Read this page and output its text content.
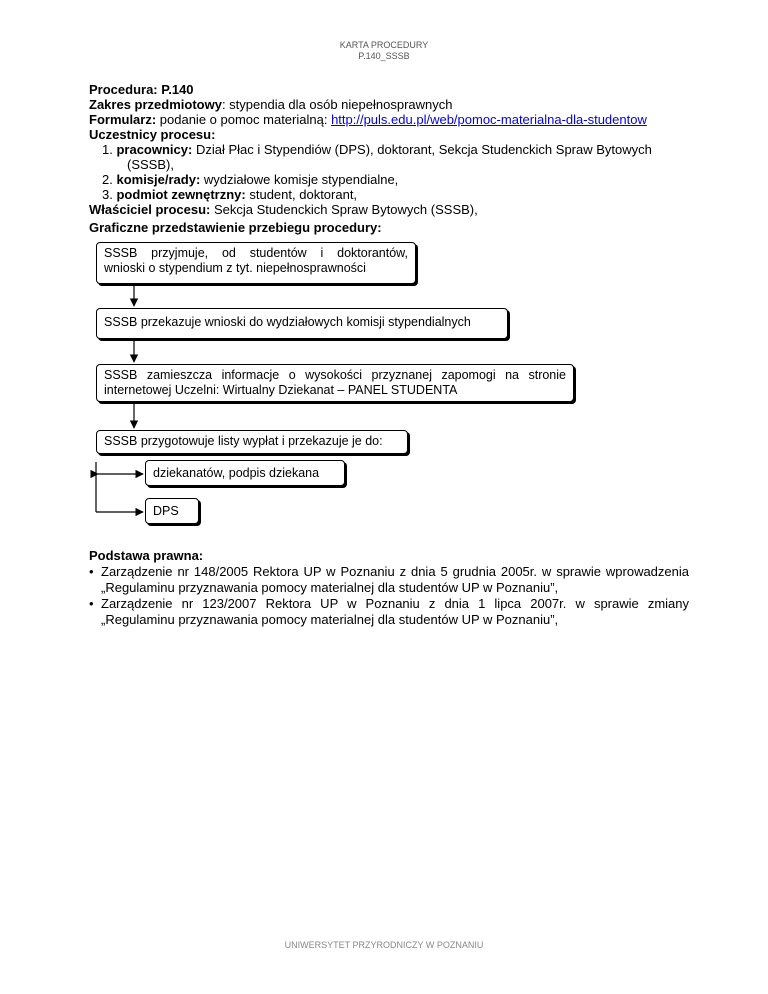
KARTA PROCEDURY
P.140_SSSB

Procedura: P.140

Zakres przedmiotowy: stypendia dla osób niepełnosprawnych

Formularz: podanie o pomoc materialną: http://puls.edu.pl/web/pomoc-materialna-dla-studentow

Uczestnicy procesu:

1. pracownicy: Dział Płac i Stypendiów (DPS), doktorant, Sekcja Studenckich Spraw Bytowych

(SSSB),

2. komisje/rady: wydziałowe komisje stypendialne,

3. podmiot zewnętrzny: student, doktorant,

Właściciel procesu: Sekcja Studenckich Spraw Bytowych (SSSB),

Graficzne przedstawienie przebiegu procedury:
SSSB przyjmuje, od studentów i doktorantów,
wnioski o stypendium z tyt. niepełnosprawności
SSSB przekazuje wnioski do wydziałowych komisji stypendialnych
SSSB zamieszcza informacje o wysokości przyznanej zapomogi na stronie
internetowej Uczelni: Wirtualny Dziekanat – PANEL STUDENTA
SSSB przygotowuje listy wypłat i przekazuje je do:
dziekanatów, podpis dziekana
DPS
Podstawa prawna:
• Zarządzenie nr 148/2005 Rektora UP w Poznaniu z dnia 5 grudnia 2005r. w sprawie wprowadzenia „Regulaminu przyznawania pomocy materialnej dla studentów UP w Poznaniu”,
• Zarządzenie nr 123/2007 Rektora UP w Poznaniu z dnia 1 lipca 2007r. w sprawie zmiany „Regulaminu przyznawania pomocy materialnej dla studentów UP w Poznaniu”,
UNIWERSYTET PRZYRODNICZY W POZNANIU
